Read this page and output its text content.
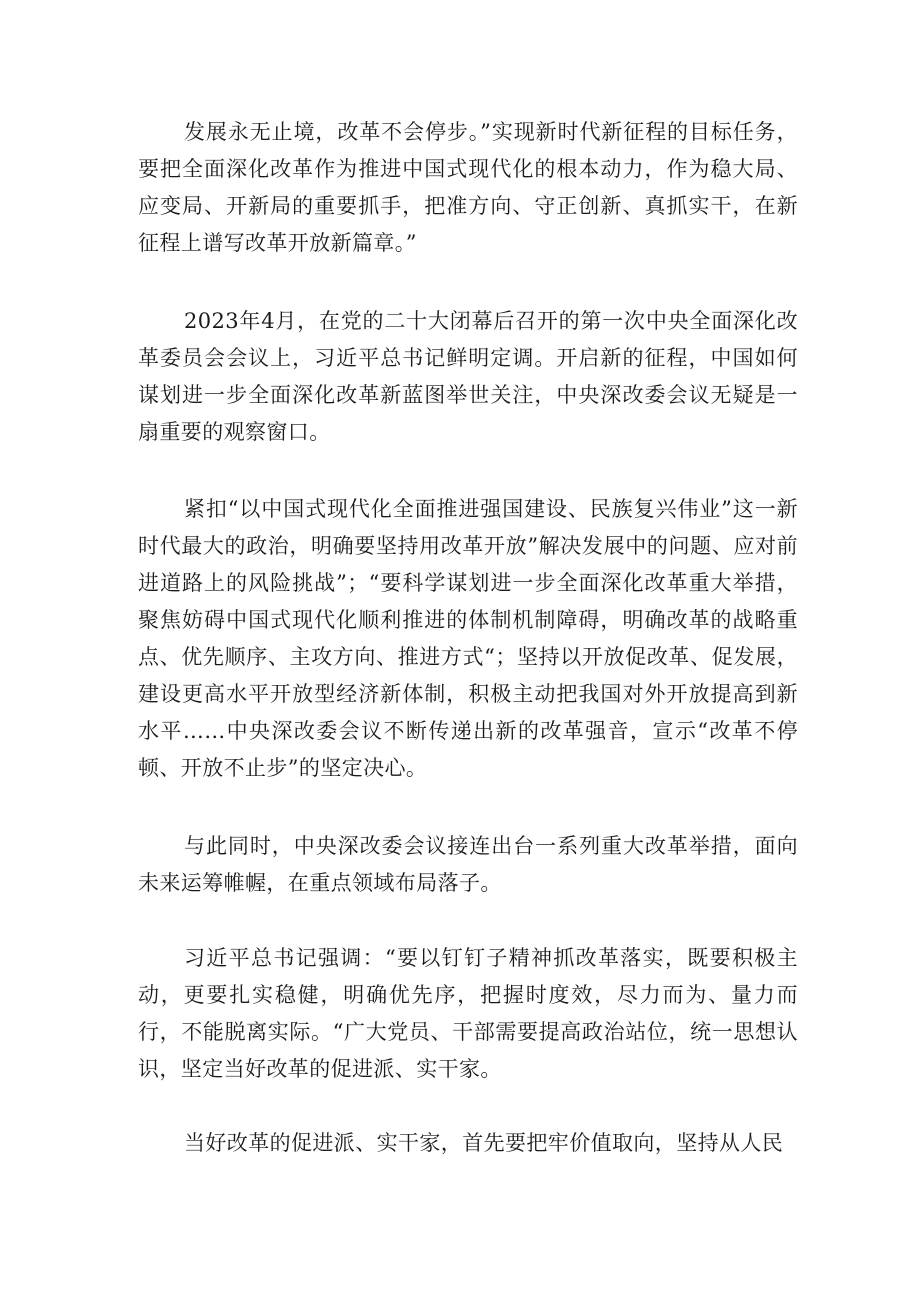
发展永无止境，改革不会停步。”实现新时代新征程的目标任务，要把全面深化改革作为推进中国式现代化的根本动力，作为稳大局、应变局、开新局的重要抓手，把准方向、守正创新、真抓实干，在新征程上谱写改革开放新篇章。”

2023年4月，在党的二十大闭幕后召开的第一次中央全面深化改革委员会会议上，习近平总书记鲜明定调。开启新的征程，中国如何谋划进一步全面深化改革新蓝图举世关注，中央深改委会议无疑是一扇重要的观察窗口。

紧扣“以中国式现代化全面推进强国建设、民族复兴伟业”这一新时代最大的政治，明确要坚持用改革开放”解决发展中的问题、应对前进道路上的风险挑战”；“要科学谋划进一步全面深化改革重大举措，聚焦妨碍中国式现代化顺利推进的体制机制障碍，明确改革的战略重点、优先顺序、主攻方向、推进方式“；坚持以开放促改革、促发展，建设更高水平开放型经济新体制，积极主动把我国对外开放提高到新水平……中央深改委会议不断传递出新的改革强音，宣示“改革不停顿、开放不止步”的坚定决心。

与此同时，中央深改委会议接连出台一系列重大改革举措，面向未来运筹帷幄，在重点领域布局落子。

习近平总书记强调：“要以钉钉子精神抓改革落实，既要积极主动，更要扎实稳健，明确优先序，把握时度效，尽力而为、量力而行，不能脱离实际。“广大党员、干部需要提高政治站位，统一思想认识，坚定当好改革的促进派、实干家。

当好改革的促进派、实干家，首先要把牢价值取向，坚持从人民
